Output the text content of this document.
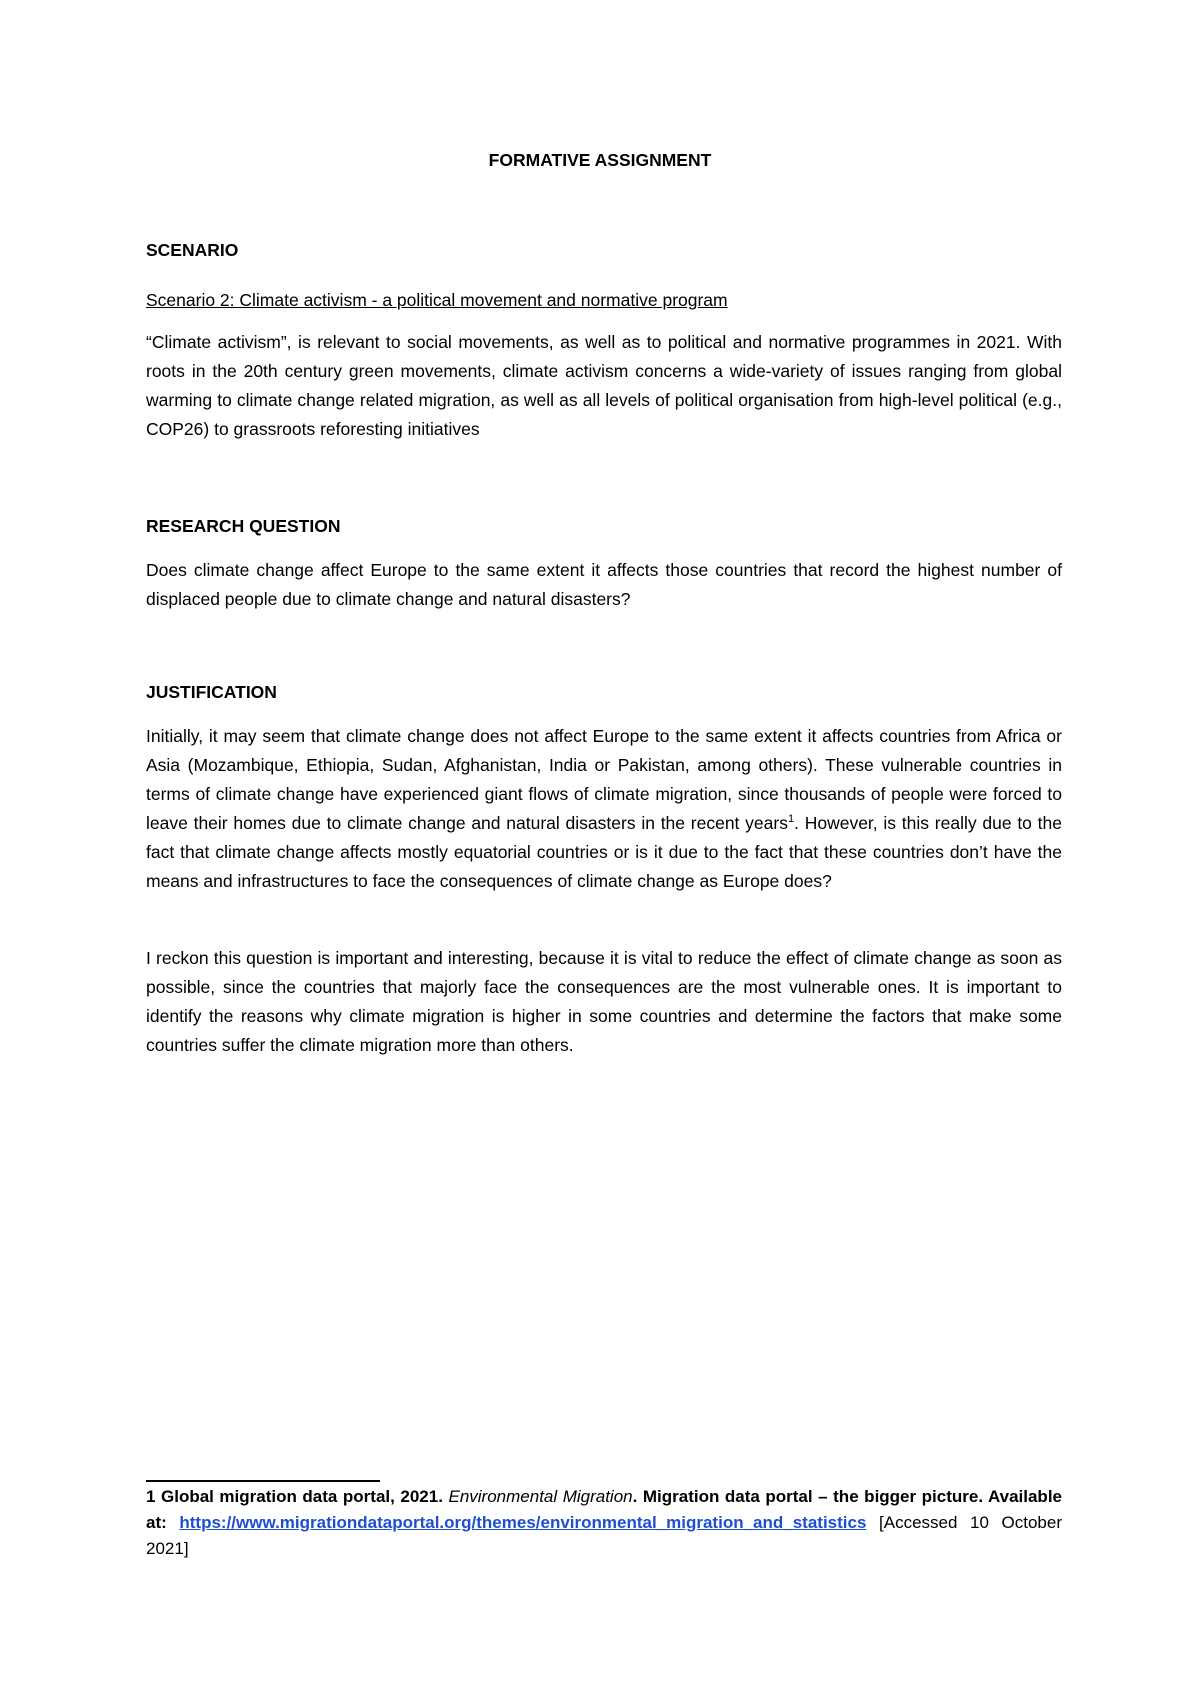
FORMATIVE ASSIGNMENT
SCENARIO
Scenario 2: Climate activism - a political movement and normative program
“Climate activism”, is relevant to social movements, as well as to political and normative programmes in 2021. With roots in the 20th century green movements, climate activism concerns a wide-variety of issues ranging from global warming to climate change related migration, as well as all levels of political organisation from high-level political (e.g., COP26) to grassroots reforesting initiatives
RESEARCH QUESTION
Does climate change affect Europe to the same extent it affects those countries that record the highest number of displaced people due to climate change and natural disasters?
JUSTIFICATION
Initially, it may seem that climate change does not affect Europe to the same extent it affects countries from Africa or Asia (Mozambique, Ethiopia, Sudan, Afghanistan, India or Pakistan, among others). These vulnerable countries in terms of climate change have experienced giant flows of climate migration, since thousands of people were forced to leave their homes due to climate change and natural disasters in the recent years$^1$. However, is this really due to the fact that climate change affects mostly equatorial countries or is it due to the fact that these countries don’t have the means and infrastructures to face the consequences of climate change as Europe does?
I reckon this question is important and interesting, because it is vital to reduce the effect of climate change as soon as possible, since the countries that majorly face the consequences are the most vulnerable ones. It is important to identify the reasons why climate migration is higher in some countries and determine the factors that make some countries suffer the climate migration more than others.
1 Global migration data portal, 2021. Environmental Migration. Migration data portal – the bigger picture. Available at: https://www.migrationdataportal.org/themes/environmental_migration_and_statistics [Accessed 10 October 2021]
